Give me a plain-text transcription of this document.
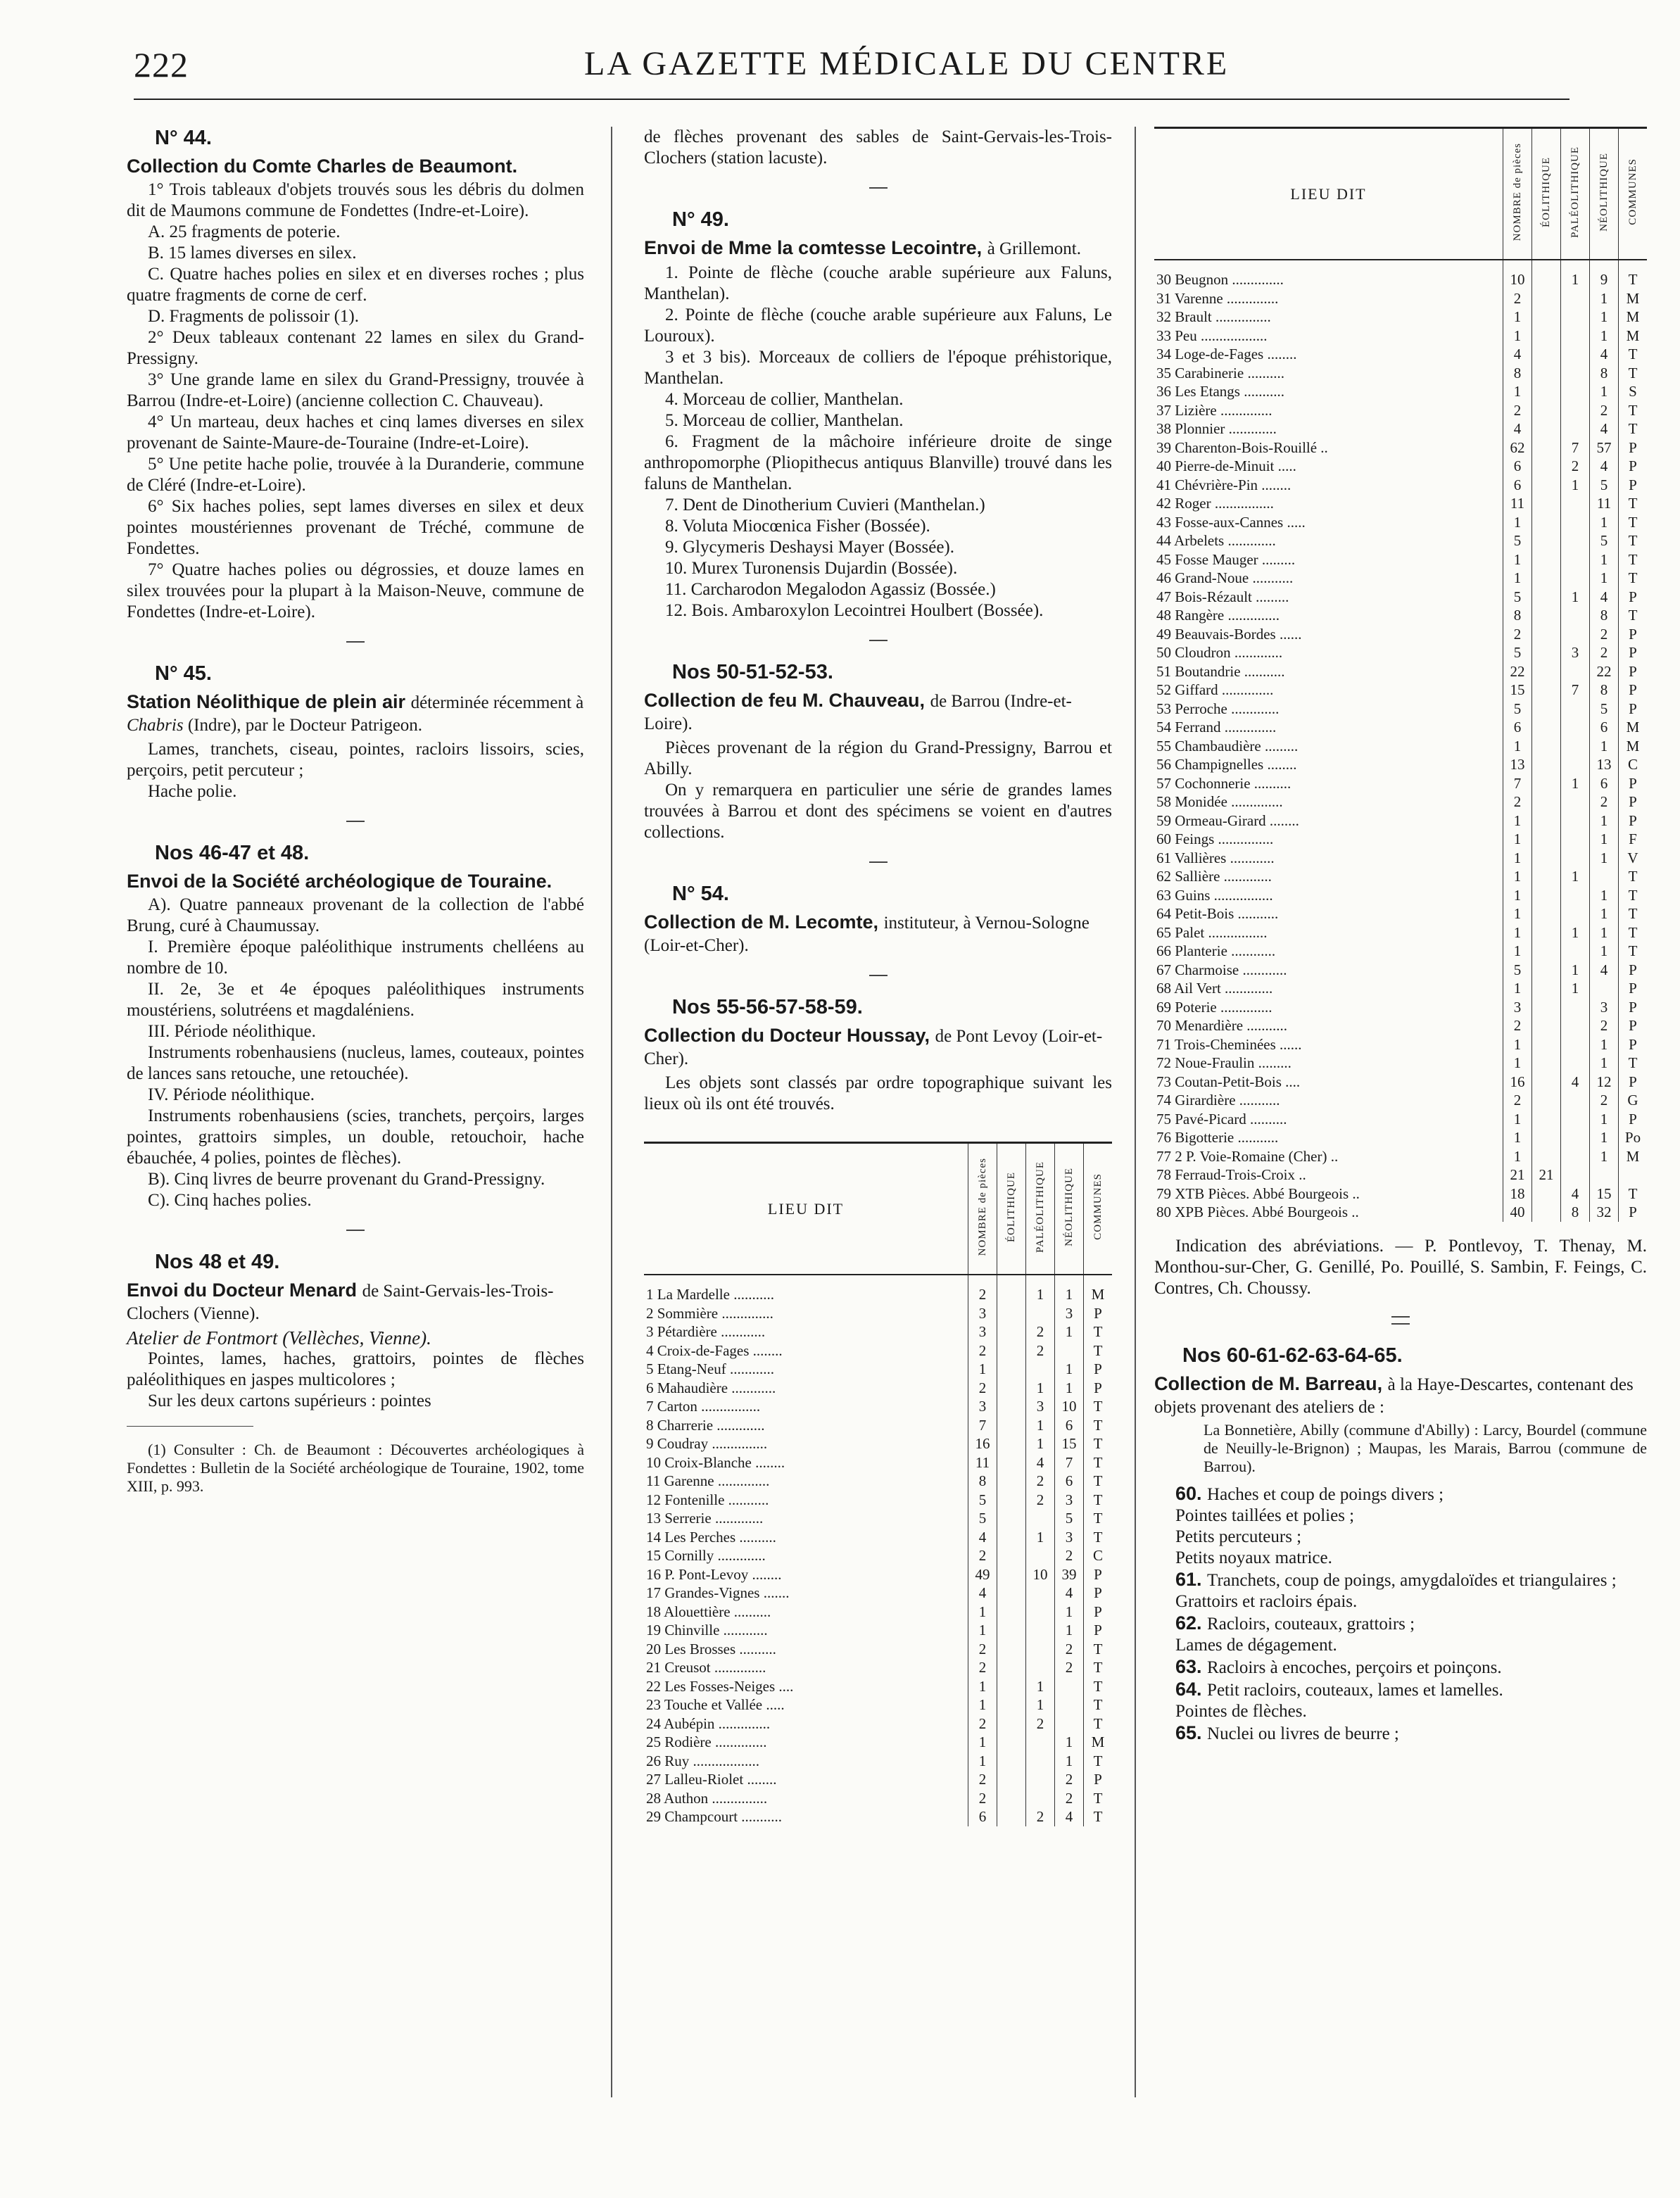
222	LA GAZETTE MÉDICALE DU CENTRE
N° 44.
Collection du Comte Charles de Beaumont.

1° Trois tableaux d'objets trouvés sous les débris du dolmen dit de Maumons commune de Fondettes (Indre-et-Loire).

A. 25 fragments de poterie.

B. 15 lames diverses en silex.

C. Quatre haches polies en silex et en diverses roches ; plus quatre fragments de corne de cerf.

D. Fragments de polissoir (1).

2° Deux tableaux contenant 22 lames en silex du Grand-Pressigny.

3° Une grande lame en silex du Grand-Pressigny, trouvée à Barrou (Indre-et-Loire) (ancienne collection C. Chauveau).

4° Un marteau, deux haches et cinq lames diverses en silex provenant de Sainte-Maure-de-Touraine (Indre-et-Loire).

5° Une petite hache polie, trouvée à la Duranderie, commune de Cléré (Indre-et-Loire).

6° Six haches polies, sept lames diverses en silex et deux pointes moustériennes provenant de Tréché, commune de Fondettes.

7° Quatre haches polies ou dégrossies, et douze lames en silex trouvées pour la plupart à la Maison-Neuve, commune de Fondettes (Indre-et-Loire).

N° 45.
Station Néolithique de plein air déterminée récemment à Chabris (Indre), par le Docteur Patrigeon.

Lames, tranchets, ciseau, pointes, racloirs lissoirs, scies, perçoirs, petit percuteur ;

Hache polie.

Nos 46-47 et 48.
Envoi de la Société archéologique de Touraine.

A). Quatre panneaux provenant de la collection de l'abbé Brung, curé à Chaumussay.

I. Première époque paléolithique instruments chelléens au nombre de 10.

II. 2e, 3e et 4e époques paléolithiques instruments moustériens, solutréens et magdaléniens.

III. Période néolithique.

Instruments robenhausiens (nucleus, lames, couteaux, pointes de lances sans retouche, une retouchée).

IV. Période néolithique.

Instruments robenhausiens (scies, tranchets, perçoirs, larges pointes, grattoirs simples, un double, retouchoir, hache ébauchée, 4 polies, pointes de flèches).

B). Cinq livres de beurre provenant du Grand-Pressigny.

C). Cinq haches polies.

Nos 48 et 49.
Envoi du Docteur Menard de Saint-Gervais-les-Trois-Clochers (Vienne).

Atelier de Fontmort (Vellèches, Vienne).

Pointes, lames, haches, grattoirs, pointes de flèches paléolithiques en jaspes multicolores ;

Sur les deux cartons supérieurs : pointes

(1) Consulter : Ch. de Beaumont : Découvertes archéologiques à Fondettes : Bulletin de la Société archéologique de Touraine, 1902, tome XIII, p. 993.

de flèches provenant des sables de Saint-Gervais-les-Trois-Clochers (station lacuste).

N° 49.
Envoi de Mme la comtesse Lecointre, à Grillemont.

1. Pointe de flèche (couche arable supérieure aux Faluns, Manthelan).

2. Pointe de flèche (couche arable supérieure aux Faluns, Le Louroux).

3 et 3 bis). Morceaux de colliers de l'époque préhistorique, Manthelan.

4. Morceau de collier, Manthelan.

5. Morceau de collier, Manthelan.

6. Fragment de la mâchoire inférieure droite de singe anthropomorphe (Pliopithecus antiquus Blanville) trouvé dans les faluns de Manthelan.

7. Dent de Dinotherium Cuvieri (Manthelan.)

8. Voluta Miocœnica Fisher (Bossée).

9. Glycymeris Deshaysi Mayer (Bossée).

10. Murex Turonensis Dujardin (Bossée).

11. Carcharodon Megalodon Agassiz (Bossée.)

12. Bois. Ambaroxylon Lecointrei Houlbert (Bossée).

Nos 50-51-52-53.
Collection de feu M. Chauveau, de Barrou (Indre-et-Loire).

Pièces provenant de la région du Grand-Pressigny, Barrou et Abilly.

On y remarquera en particulier une série de grandes lames trouvées à Barrou et dont des spécimens se voient en d'autres collections.

N° 54.
Collection de M. Lecomte, instituteur, à Vernou-Sologne (Loir-et-Cher).
Nos 55-56-57-58-59.
Collection du Docteur Houssay, de Pont Levoy (Loir-et-Cher).

Les objets sont classés par ordre topographique suivant les lieux où ils ont été trouvés.

LIEU DIT	NOMBRE de pièces	ÉOLITHIQUE	PALÉOLITHIQUE	NÉOLITHIQUE	COMMUNES
1 La Mardelle ...........	2		1	1	M
2 Sommière ..............	3			3	P
3 Pétardière ............	3		2	1	T
4 Croix-de-Fages ........	2		2		T
5 Etang-Neuf ............	1			1	P
6 Mahaudière ............	2		1	1	P
7 Carton ................	3		3	10	T
8 Charrerie .............	7		1	6	T
9 Coudray ...............	16		1	15	T
10 Croix-Blanche ........	11		4	7	T
11 Garenne ..............	8		2	6	T
12 Fontenille ...........	5		2	3	T
13 Serrerie .............	5			5	T
14 Les Perches ..........	4		1	3	T
15 Cornilly .............	2			2	C
16 P. Pont-Levoy ........	49		10	39	P
17 Grandes-Vignes .......	4			4	P
18 Alouettière ..........	1			1	P
19 Chinville ............	1			1	P
20 Les Brosses ..........	2			2	T
21 Creusot ..............	2			2	T
22 Les Fosses-Neiges ....	1		1		T
23 Touche et Vallée .....	1		1		T
24 Aubépin ..............	2		2		T
25 Rodière ..............	1			1	M
26 Ruy ..................	1			1	T
27 Lalleu-Riolet ........	2			2	P
28 Authon ...............	2			2	T
29 Champcourt ...........	6		2	4	T
LIEU DIT	NOMBRE de pièces	ÉOLITHIQUE	PALÉOLITHIQUE	NÉOLITHIQUE	COMMUNES
30 Beugnon ..............	10		1	9	T
31 Varenne ..............	2			1	M
32 Brault ...............	1			1	M
33 Peu ..................	1			1	M
34 Loge-de-Fages ........	4			4	T
35 Carabinerie ..........	8			8	T
36 Les Etangs ...........	1			1	S
37 Lizière ..............	2			2	T
38 Plonnier .............	4			4	T
39 Charenton-Bois-Rouillé ..	62		7	57	P
40 Pierre-de-Minuit .....	6		2	4	P
41 Chévrière-Pin ........	6		1	5	P
42 Roger ................	11			11	T
43 Fosse-aux-Cannes .....	1			1	T
44 Arbelets .............	5			5	T
45 Fosse Mauger .........	1			1	T
46 Grand-Noue ...........	1			1	T
47 Bois-Rézault .........	5		1	4	P
48 Rangère ..............	8			8	T
49 Beauvais-Bordes ......	2			2	P
50 Cloudron .............	5		3	2	P
51 Boutandrie ...........	22			22	P
52 Giffard ..............	15		7	8	P
53 Perroche .............	5			5	P
54 Ferrand ..............	6			6	M
55 Chambaudière .........	1			1	M
56 Champignelles ........	13			13	C
57 Cochonnerie ..........	7		1	6	P
58 Monidée ..............	2			2	P
59 Ormeau-Girard ........	1			1	P
60 Feings ...............	1			1	F
61 Vallières ............	1			1	V
62 Sallière .............	1		1		T
63 Guins ................	1			1	T
64 Petit-Bois ...........	1			1	T
65 Palet ................	1		1	1	T
66 Planterie ............	1			1	T
67 Charmoise ............	5		1	4	P
68 Ail Vert .............	1		1		P
69 Poterie ..............	3			3	P
70 Menardière ...........	2			2	P
71 Trois-Cheminées ......	1			1	P
72 Noue-Fraulin .........	1			1	T
73 Coutan-Petit-Bois ....	16		4	12	P
74 Girardière ...........	2			2	G
75 Pavé-Picard ..........	1			1	P
76 Bigotterie ...........	1			1	Po
77 2 P. Voie-Romaine (Cher) ..	1			1	M
78 Ferraud-Trois-Croix ..	21	21			
79 XTB Pièces. Abbé Bourgeois ..	18		4	15	T
80 XPB Pièces. Abbé Bourgeois ..	40		8	32	P

Indication des abréviations. — P. Pontlevoy, T. Thenay, M. Monthou-sur-Cher, G. Genillé, Po. Pouillé, S. Sambin, F. Feings, C. Contres, Ch. Choussy.

Nos 60-61-62-63-64-65.
Collection de M. Barreau, à la Haye-Descartes, contenant des objets provenant des ateliers de :

La Bonnetière, Abilly (commune d'Abilly) : Larcy, Bourdel (commune de Neuilly-le-Brignon) ; Maupas, les Marais, Barrou (commune de Barrou).

60. Haches et coup de poings divers ;

Pointes taillées et polies ;

Petits percuteurs ;

Petits noyaux matrice.

61. Tranchets, coup de poings, amygdaloïdes et triangulaires ;

Grattoirs et racloirs épais.

62. Racloirs, couteaux, grattoirs ;

Lames de dégagement.

63. Racloirs à encoches, perçoirs et poinçons.

64. Petit racloirs, couteaux, lames et lamelles.

Pointes de flèches.

65. Nuclei ou livres de beurre ;
